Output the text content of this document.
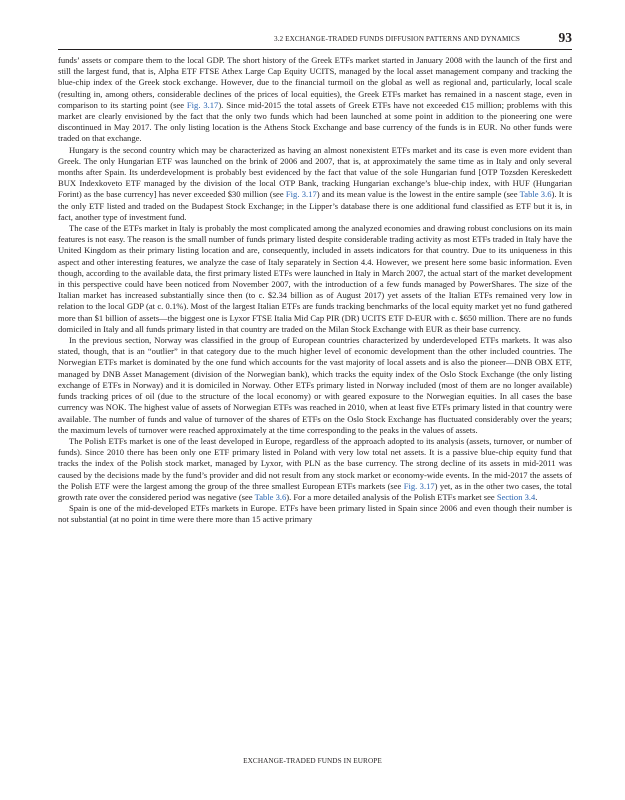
3.2 EXCHANGE-TRADED FUNDS DIFFUSION PATTERNS AND DYNAMICS	93

funds’ assets or compare them to the local GDP. The short history of the Greek ETFs market started in January 2008 with the launch of the first and still the largest fund, that is, Alpha ETF FTSE Athex Large Cap Equity UCITS, managed by the local asset management company and tracking the blue-chip index of the Greek stock exchange. However, due to the financial turmoil on the global as well as regional and, particularly, local scale (resulting in, among others, considerable declines of the prices of local equities), the Greek ETFs market has remained in a nascent stage, even in comparison to its starting point (see Fig. 3.17). Since mid-2015 the total assets of Greek ETFs have not exceeded €15 million; problems with this market are clearly envisioned by the fact that the only two funds which had been launched at some point in addition to the pioneering one were discontinued in May 2017. The only listing location is the Athens Stock Exchange and base currency of the funds is in EUR. No other funds were traded on that exchange.

Hungary is the second country which may be characterized as having an almost nonexistent ETFs market and its case is even more evident than Greek. The only Hungarian ETF was launched on the brink of 2006 and 2007, that is, at approximately the same time as in Italy and only several months after Spain. Its underdevelopment is probably best evidenced by the fact that value of the sole Hungarian fund [OTP Tozsden Kereskedett BUX Indexkoveto ETF managed by the division of the local OTP Bank, tracking Hungarian exchange’s blue-chip index, with HUF (Hungarian Forint) as the base currency] has never exceeded $30 million (see Fig. 3.17) and its mean value is the lowest in the entire sample (see Table 3.6). It is the only ETF listed and traded on the Budapest Stock Exchange; in the Lipper’s database there is one additional fund classified as ETF but it is, in fact, another type of investment fund.

The case of the ETFs market in Italy is probably the most complicated among the analyzed economies and drawing robust conclusions on its main features is not easy. The reason is the small number of funds primary listed despite considerable trading activity as most ETFs traded in Italy have the United Kingdom as their primary listing location and are, consequently, included in assets indicators for that country. Due to its uniqueness in this aspect and other interesting features, we analyze the case of Italy separately in Section 4.4. However, we present here some basic information. Even though, according to the available data, the first primary listed ETFs were launched in Italy in March 2007, the actual start of the market development in this perspective could have been noticed from November 2007, with the introduction of a few funds managed by PowerShares. The size of the Italian market has increased substantially since then (to c. $2.34 billion as of August 2017) yet assets of the Italian ETFs remained very low in relation to the local GDP (at c. 0.1%). Most of the largest Italian ETFs are funds tracking benchmarks of the local equity market yet no fund gathered more than $1 billion of assets—the biggest one is Lyxor FTSE Italia Mid Cap PIR (DR) UCITS ETF D-EUR with c. $650 million. There are no funds domiciled in Italy and all funds primary listed in that country are traded on the Milan Stock Exchange with EUR as their base currency.

In the previous section, Norway was classified in the group of European countries characterized by underdeveloped ETFs markets. It was also stated, though, that is an “outlier” in that category due to the much higher level of economic development than the other included countries. The Norwegian ETFs market is dominated by the one fund which accounts for the vast majority of local assets and is also the pioneer—DNB OBX ETF, managed by DNB Asset Management (division of the Norwegian bank), which tracks the equity index of the Oslo Stock Exchange (the only listing exchange of ETFs in Norway) and it is domiciled in Norway. Other ETFs primary listed in Norway included (most of them are no longer available) funds tracking prices of oil (due to the structure of the local economy) or with geared exposure to the Norwegian equities. In all cases the base currency was NOK. The highest value of assets of Norwegian ETFs was reached in 2010, when at least five ETFs primary listed in that country were available. The number of funds and value of turnover of the shares of ETFs on the Oslo Stock Exchange has fluctuated considerably over the years; the maximum levels of turnover were reached approximately at the time corresponding to the peaks in the values of assets.

The Polish ETFs market is one of the least developed in Europe, regardless of the approach adopted to its analysis (assets, turnover, or number of funds). Since 2010 there has been only one ETF primary listed in Poland with very low total net assets. It is a passive blue-chip equity fund that tracks the index of the Polish stock market, managed by Lyxor, with PLN as the base currency. The strong decline of its assets in mid-2011 was caused by the decisions made by the fund’s provider and did not result from any stock market or economy-wide events. In the mid-2017 the assets of the Polish ETF were the largest among the group of the three smallest European ETFs markets (see Fig. 3.17) yet, as in the other two cases, the total growth rate over the considered period was negative (see Table 3.6). For a more detailed analysis of the Polish ETFs market see Section 3.4.

Spain is one of the mid-developed ETFs markets in Europe. ETFs have been primary listed in Spain since 2006 and even though their number is not substantial (at no point in time were there more than 15 active primary

EXCHANGE-TRADED FUNDS IN EUROPE
